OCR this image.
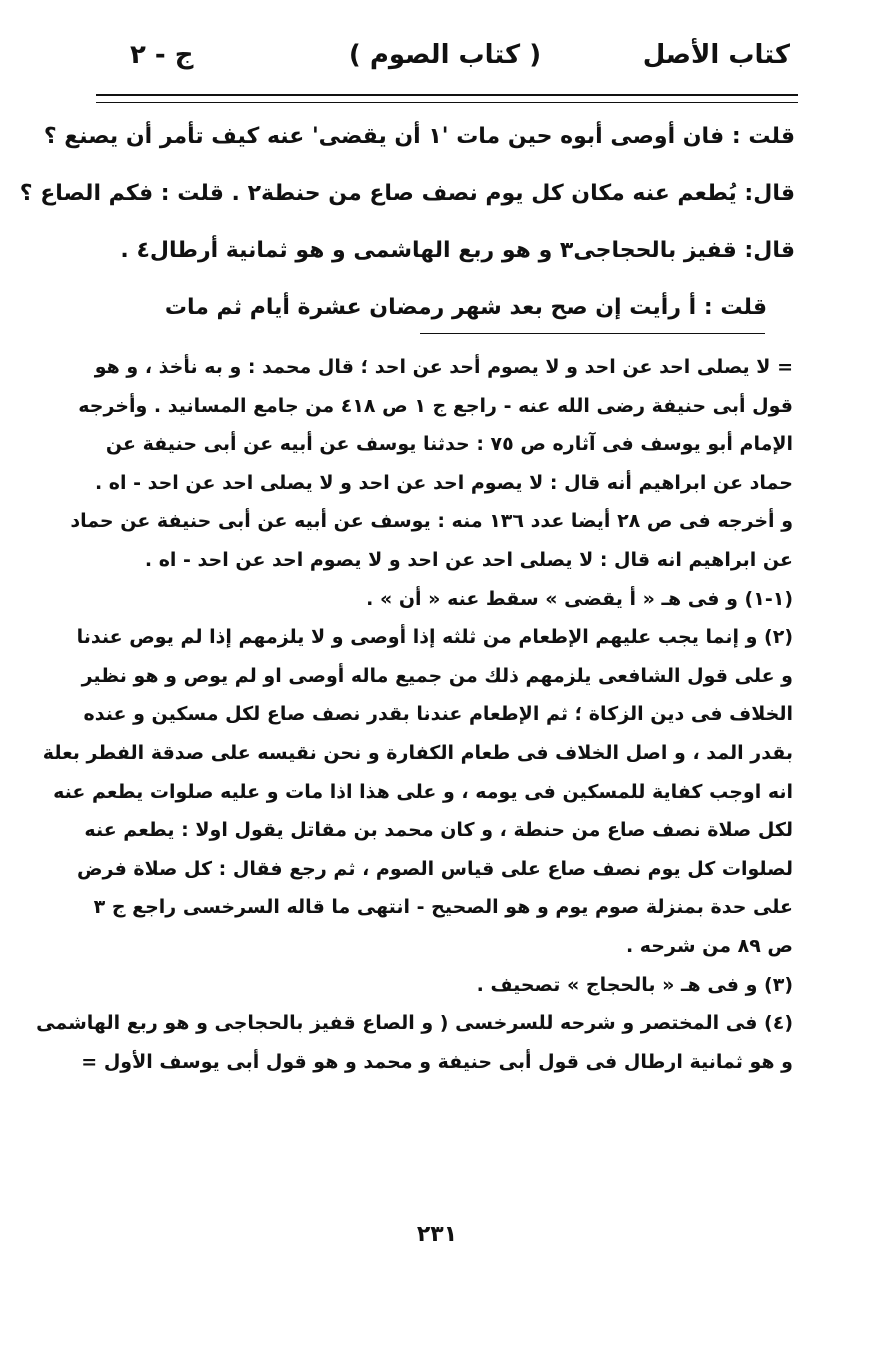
كتاب الأصل
( كتاب الصوم )
ج - ٢

قلت : فان أوصى أبوه حين مات '١ أن يقضى' عنه كيف تأمر أن يصنع ؟

قال: يُطعم عنه مكان كل يوم نصف صاع من حنطة٢ . قلت : فكم الصاع ؟

قال: قفيز بالحجاجى٣ و هو ربع الهاشمى و هو ثمانية أرطال٤ .

قلت : أ رأيت إن صح بعد شهر رمضان عشرة أيام ثم مات

= لا يصلى احد عن احد و لا يصوم أحد عن احد ؛ قال محمد : و به نأخذ ، و هو

قول أبى حنيفة رضى الله عنه - راجع ج ١ ص ٤١٨ من جامع المسانيد . وأخرجه

الإمام أبو يوسف فى آثاره ص ٧٥ : حدثنا يوسف عن أبيه عن أبى حنيفة عن

حماد عن ابراهيم أنه قال : لا يصوم احد عن احد و لا يصلى احد عن احد - اه .

و أخرجه فى ص ٢٨ أيضا عدد ١٣٦ منه : يوسف عن أبيه عن أبى حنيفة عن حماد

عن ابراهيم انه قال : لا يصلى احد عن احد و لا يصوم احد عن احد - اه .

(١-١) و فى هـ « أ يقضى » سقط عنه « أن » .

(٢) و إنما يجب عليهم الإطعام من ثلثه إذا أوصى و لا يلزمهم إذا لم يوص عندنا

و على قول الشافعى يلزمهم ذلك من جميع ماله أوصى او لم يوص و هو نظير

الخلاف فى دين الزكاة ؛ ثم الإطعام عندنا بقدر نصف صاع لكل مسكين و عنده

بقدر المد ، و اصل الخلاف فى طعام الكفارة و نحن نقيسه على صدقة الفطر بعلة

انه اوجب كفاية للمسكين فى يومه ، و على هذا اذا مات و عليه صلوات يطعم عنه

لكل صلاة نصف صاع من حنطة ، و كان محمد بن مقاتل يقول اولا : يطعم عنه

لصلوات كل يوم نصف صاع على قياس الصوم ، ثم رجع فقال : كل صلاة فرض

على حدة بمنزلة صوم يوم و هو الصحيح - انتهى ما قاله السرخسى راجع ج ٣

ص ٨٩ من شرحه .

(٣) و فى هـ « بالحجاج » تصحيف .

(٤) فى المختصر و شرحه للسرخسى ( و الصاع قفيز بالحجاجى و هو ربع الهاشمى

و هو ثمانية ارطال فى قول أبى حنيفة و محمد و هو قول أبى يوسف الأول =

٢٣١
